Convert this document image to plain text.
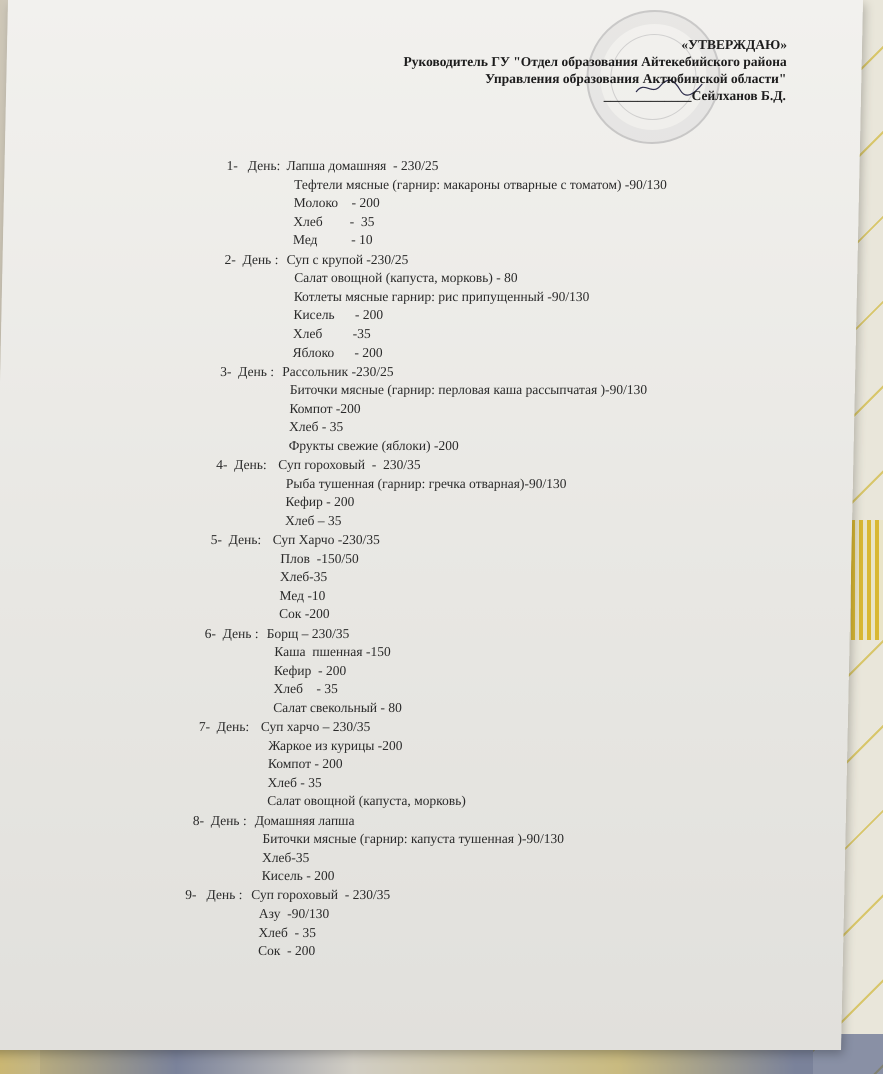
«УТВЕРЖДАЮ»
Руководитель ГУ "Отдел образования Айтекебийского района
Управления образования Актюбинской области"
_____________Сейлханов Б.Д.
1-   День: Лапша домашняя  - 230/25
Тефтели мясные (гарнир: макароны отварные с томатом) -90/130
Молоко    - 200
Хлеб        -  35
Мед          - 10
2-  День : Суп с крупой -230/25
Салат овощной (капуста, морковь) - 80
Котлеты мясные гарнир: рис припущенный -90/130
Кисель      - 200
Хлеб         -35
Яблоко      - 200
3-  День : Рассольник -230/25
Биточки мясные (гарнир: перловая каша рассыпчатая )-90/130
Компот -200
Хлеб - 35
Фрукты свежие (яблоки) -200
4-  День: Суп гороховый  -  230/35
Рыба тушенная (гарнир: гречка отварная)-90/130
Кефир - 200
Хлеб – 35
5-  День: Суп Харчо -230/35
Плов  -150/50
Хлеб-35
Мед -10
Сок -200
6-  День : Борщ – 230/35
Каша  пшенная -150
Кефир  - 200
Хлеб    - 35
Салат свекольный - 80
7-  День: Суп харчо – 230/35
Жаркое из курицы -200
Компот - 200
Хлеб - 35
Салат овощной (капуста, морковь)
8-  День : Домашняя лапша
Биточки мясные (гарнир: капуста тушенная )-90/130
Хлеб-35
Кисель - 200
9-   День : Суп гороховый  - 230/35
Азу  -90/130
Хлеб  - 35
Сок  - 200
